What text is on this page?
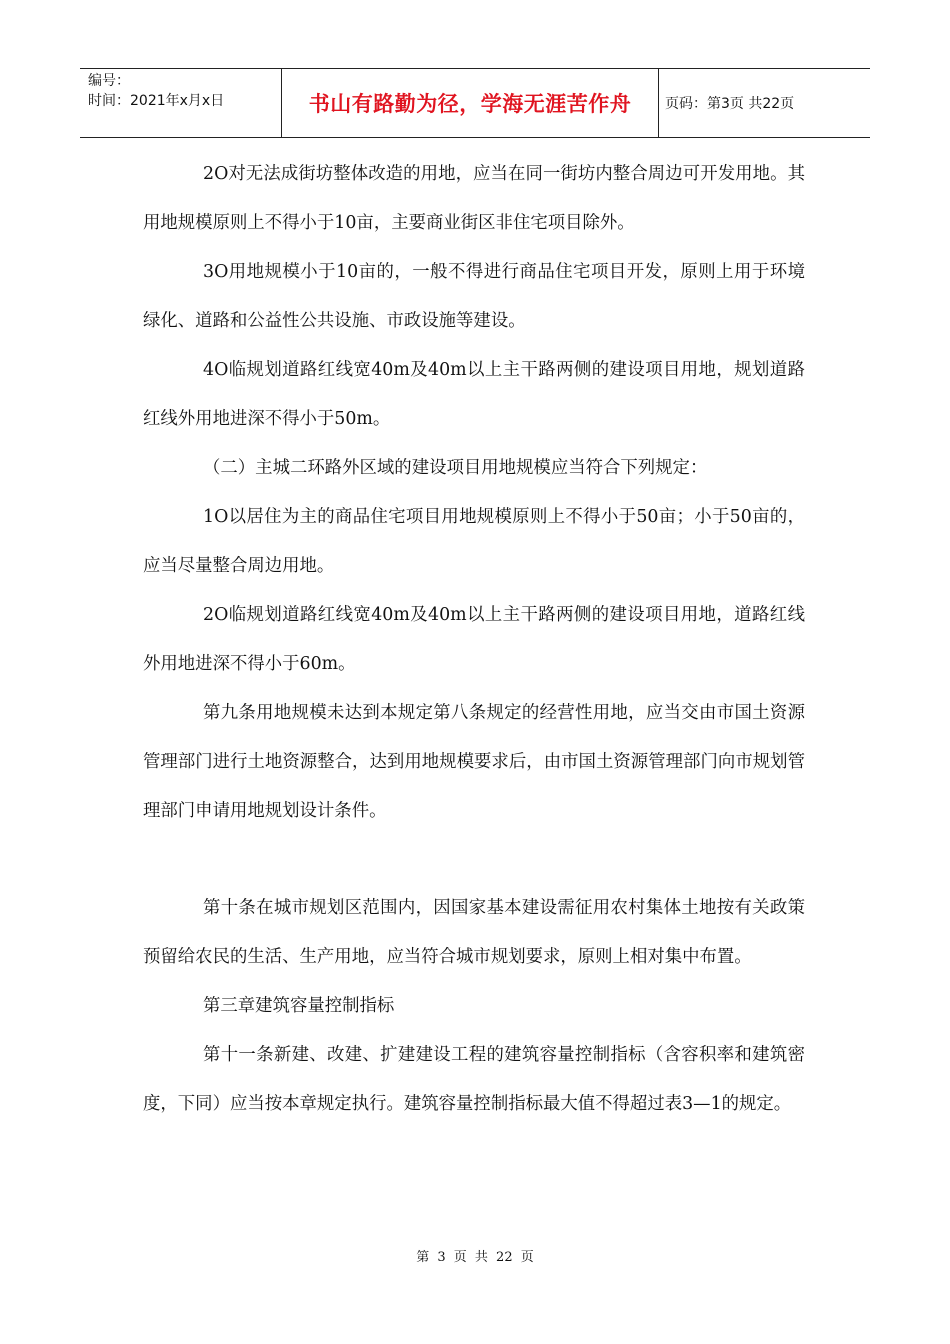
编号：
时间：2021年x月x日	书山有路勤为径，学海无涯苦作舟	页码：第3页 共22页
2O对无法成街坊整体改造的用地，应当在同一街坊内整合周边可开发用地。其用地规模原则上不得小于10亩，主要商业街区非住宅项目除外。
3O用地规模小于10亩的，一般不得进行商品住宅项目开发，原则上用于环境绿化、道路和公益性公共设施、市政设施等建设。
4O临规划道路红线宽40m及40m以上主干路两侧的建设项目用地，规划道路红线外用地进深不得小于50m。
（二）主城二环路外区域的建设项目用地规模应当符合下列规定：
1O以居住为主的商品住宅项目用地规模原则上不得小于50亩；小于50亩的，应当尽量整合周边用地。
2O临规划道路红线宽40m及40m以上主干路两侧的建设项目用地，道路红线外用地进深不得小于60m。
第九条用地规模未达到本规定第八条规定的经营性用地，应当交由市国土资源管理部门进行土地资源整合，达到用地规模要求后，由市国土资源管理部门向市规划管理部门申请用地规划设计条件。
第十条在城市规划区范围内，因国家基本建设需征用农村集体土地按有关政策预留给农民的生活、生产用地，应当符合城市规划要求，原则上相对集中布置。
第三章建筑容量控制指标
第十一条新建、改建、扩建建设工程的建筑容量控制指标（含容积率和建筑密度，下同）应当按本章规定执行。建筑容量控制指标最大值不得超过表3—1的规定。
第 3 页 共 22 页
